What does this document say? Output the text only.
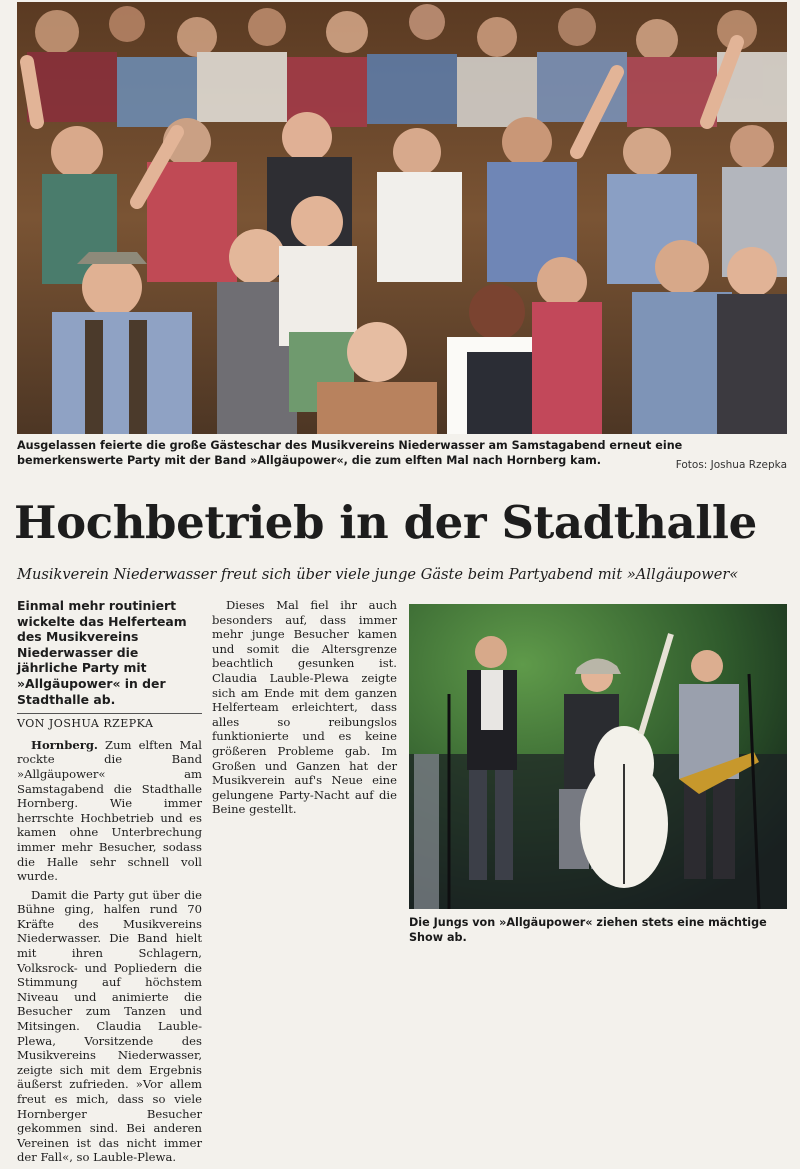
Ausgelassen feierte die große Gästeschar des Musikvereins Niederwasser am Samstagabend erneut eine bemerkenswerte Party mit der Band »Allgäupower«, die zum elften Mal nach Hornberg kam.	Fotos: Joshua Rzepka
Hochbetrieb in der Stadthalle
Musikverein Niederwasser freut sich über viele junge Gäste beim Partyabend mit »Allgäupower«
Einmal mehr routiniert wickelte das Helferteam des Musikvereins Niederwasser die jährliche Party mit »Allgäupower« in der Stadthalle ab.
VON JOSHUA RZEPKA
Hornberg. Zum elften Mal rockte die Band »Allgäupower« am Samstagabend die Stadthalle Hornberg. Wie immer herrschte Hochbetrieb und es kamen ohne Unterbrechung immer mehr Besucher, sodass die Halle sehr schnell voll wurde.
Damit die Party gut über die Bühne ging, halfen rund 70 Kräfte des Musikvereins Niederwasser. Die Band hielt mit ihren Schlagern, Volksrock- und Popliedern die Stimmung auf höchstem Niveau und animierte die Besucher zum Tanzen und Mitsingen. Claudia Lauble-Plewa, Vorsitzende des Musikvereins Niederwasser, zeigte sich mit dem Ergebnis äußerst zufrieden. »Vor allem freut es mich, dass so viele Hornberger Besucher gekommen sind. Bei anderen Vereinen ist das nicht immer der Fall«, so Lauble-Plewa.
Dieses Mal fiel ihr auch besonders auf, dass immer mehr junge Besucher kamen und somit die Altersgrenze beachtlich gesunken ist. Claudia Lauble-Plewa zeigte sich am Ende mit dem ganzen Helferteam erleichtert, dass alles so reibungslos funktionierte und es keine größeren Probleme gab. Im Großen und Ganzen hat der Musikverein auf's Neue eine gelungene Party-Nacht auf die Beine gestellt.
Die Jungs von »Allgäupower« ziehen stets eine mächtige Show ab.
